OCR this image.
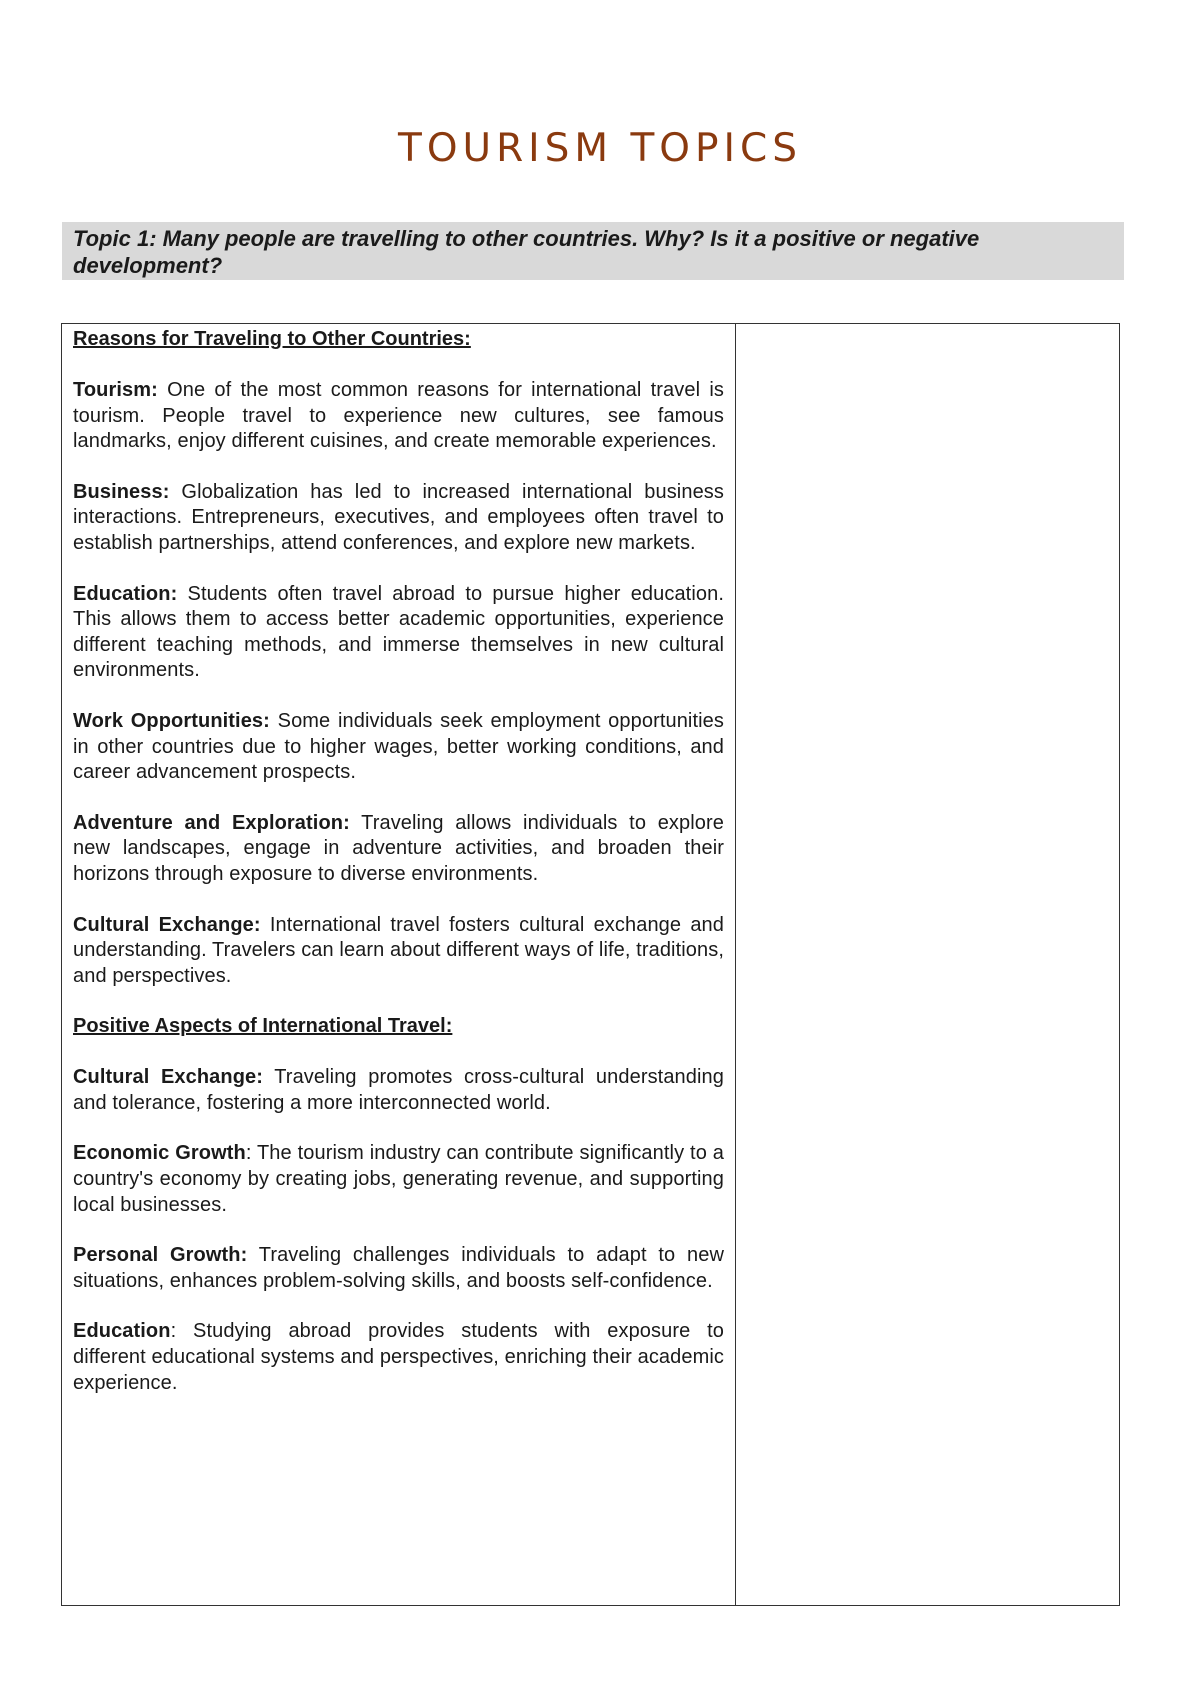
TOURISM TOPICS
Topic 1: Many people are travelling to other countries. Why? Is it a positive or negative development?
Reasons for Traveling to Other Countries:

Tourism: One of the most common reasons for international travel is tourism. People travel to experience new cultures, see famous landmarks, enjoy different cuisines, and create memorable experiences.

Business: Globalization has led to increased international business interactions. Entrepreneurs, executives, and employees often travel to establish partnerships, attend conferences, and explore new markets.

Education: Students often travel abroad to pursue higher education. This allows them to access better academic opportunities, experience different teaching methods, and immerse themselves in new cultural environments.

Work Opportunities: Some individuals seek employment opportunities in other countries due to higher wages, better working conditions, and career advancement prospects.

Adventure and Exploration: Traveling allows individuals to explore new landscapes, engage in adventure activities, and broaden their horizons through exposure to diverse environments.

Cultural Exchange: International travel fosters cultural exchange and understanding. Travelers can learn about different ways of life, traditions, and perspectives.

Positive Aspects of International Travel:

Cultural Exchange: Traveling promotes cross-cultural understanding and tolerance, fostering a more interconnected world.

Economic Growth: The tourism industry can contribute significantly to a country's economy by creating jobs, generating revenue, and supporting local businesses.

Personal Growth: Traveling challenges individuals to adapt to new situations, enhances problem-solving skills, and boosts self-confidence.

Education: Studying abroad provides students with exposure to different educational systems and perspectives, enriching their academic experience.
